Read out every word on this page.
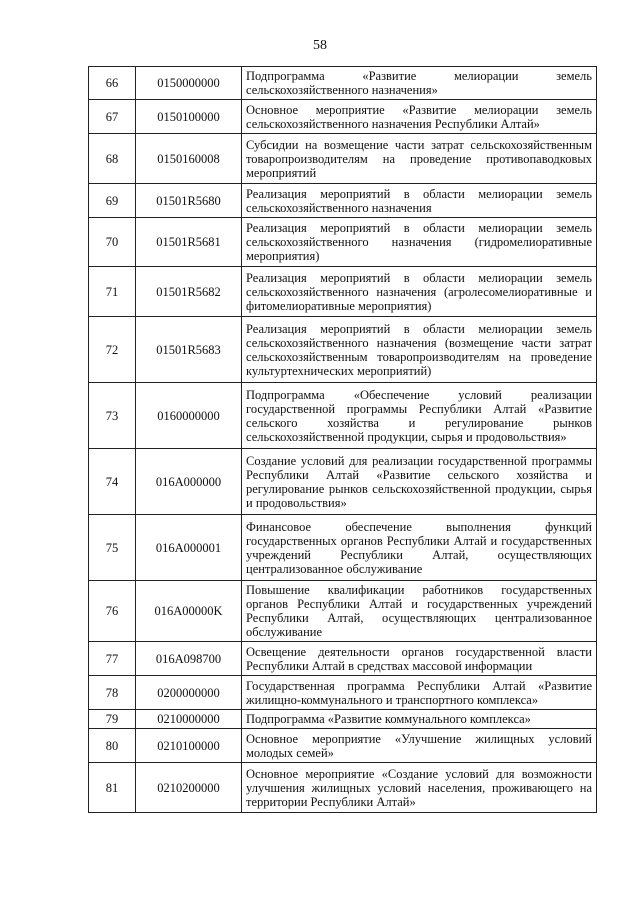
58
66	0150000000	Подпрограмма «Развитие мелиорации земель сельскохозяйственного назначения»
67	0150100000	Основное мероприятие «Развитие мелиорации земель сельскохозяйственного назначения Республики Алтай»
68	0150160008	Субсидии на возмещение части затрат сельскохозяйственным товаропроизводителям на проведение противопаводковых мероприятий
69	01501R5680	Реализация мероприятий в области мелиорации земель сельскохозяйственного назначения
70	01501R5681	Реализация мероприятий в области мелиорации земель сельскохозяйственного назначения (гидромелиоративные мероприятия)
71	01501R5682	Реализация мероприятий в области мелиорации земель сельскохозяйственного назначения (агролесомелиоративные и фитомелиоративные мероприятия)
72	01501R5683	Реализация мероприятий в области мелиорации земель сельскохозяйственного назначения (возмещение части затрат сельскохозяйственным товаропроизводителям на проведение культуртехнических мероприятий)
73	0160000000	Подпрограмма «Обеспечение условий реализации государственной программы Республики Алтай «Развитие сельского хозяйства и регулирование рынков сельскохозяйственной продукции, сырья и продовольствия»
74	016A000000	Создание условий для реализации государственной программы Республики Алтай «Развитие сельского хозяйства и регулирование рынков сельскохозяйственной продукции, сырья и продовольствия»
75	016A000001	Финансовое обеспечение выполнения функций государственных органов Республики Алтай и государственных учреждений Республики Алтай, осуществляющих централизованное обслуживание
76	016A00000K	Повышение квалификации работников государственных органов Республики Алтай и государственных учреждений Республики Алтай, осуществляющих централизованное обслуживание
77	016A098700	Освещение деятельности органов государственной власти Республики Алтай в средствах массовой информации
78	0200000000	Государственная программа Республики Алтай «Развитие жилищно-коммунального и транспортного комплекса»
79	0210000000	Подпрограмма «Развитие коммунального комплекса»
80	0210100000	Основное мероприятие «Улучшение жилищных условий молодых семей»
81	0210200000	Основное мероприятие «Создание условий для возможности улучшения жилищных условий населения, проживающего на территории Республики Алтай»
